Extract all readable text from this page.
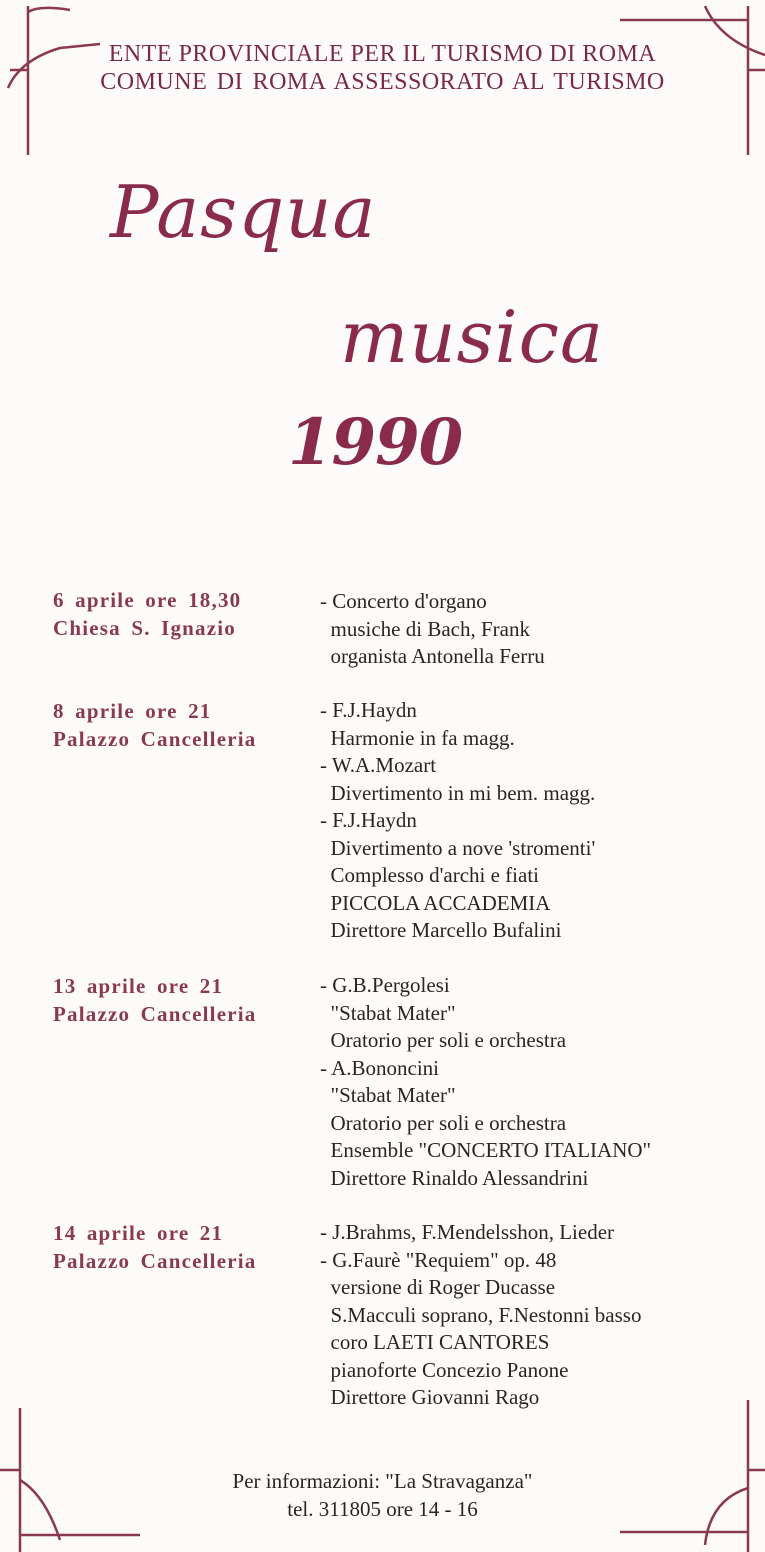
ENTE PROVINCIALE PER IL TURISMO DI ROMA
COMUNE DI ROMA ASSESSORATO AL TURISMO
Pasqua
musica
1990
6 aprile ore 18,30
Chiesa S. Ignazio
- Concerto d'organo
musiche di Bach, Frank
organista Antonella Ferru
8 aprile ore 21
Palazzo Cancelleria
- F.J.Haydn
Harmonie in fa magg.
- W.A.Mozart
Divertimento in mi bem. magg.
- F.J.Haydn
Divertimento a nove 'stromenti'
Complesso d'archi e fiati
PICCOLA ACCADEMIA
Direttore Marcello Bufalini
13 aprile ore 21
Palazzo Cancelleria
- G.B.Pergolesi
"Stabat Mater"
Oratorio per soli e orchestra
- A.Bononcini
"Stabat Mater"
Oratorio per soli e orchestra
Ensemble "CONCERTO ITALIANO"
Direttore Rinaldo Alessandrini
14 aprile ore 21
Palazzo Cancelleria
- J.Brahms, F.Mendelsshon, Lieder
- G.Faurè "Requiem" op. 48
versione di Roger Ducasse
S.Macculi soprano, F.Nestonni basso
coro LAETI CANTORES
pianoforte Concezio Panone
Direttore Giovanni Rago
Per informazioni: "La Stravaganza"
tel. 311805 ore 14 - 16
